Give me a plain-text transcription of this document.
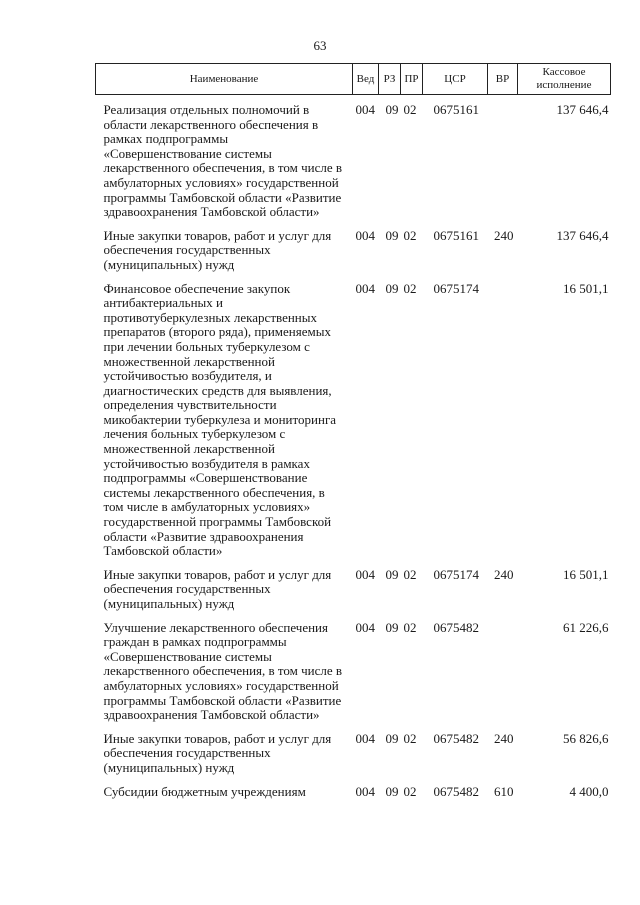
63
Наименование	Вед	РЗ	ПР	ЦСР	ВР	Кассовое исполнение
Реализация отдельных полномочий в области лекарственного обеспечения в рамках подпрограммы «Совершенствование системы лекарственного обеспечения, в том числе в амбулаторных условиях» государственной программы Тамбовской области «Развитие здравоохранения Тамбовской области»	004	09	02	0675161		137 646,4
Иные закупки товаров, работ и услуг для обеспечения государственных (муниципальных) нужд	004	09	02	0675161	240	137 646,4
Финансовое обеспечение закупок антибактериальных и противотуберкулезных лекарственных препаратов (второго ряда), применяемых при лечении больных туберкулезом с множественной лекарственной устойчивостью возбудителя, и диагностических средств для выявления, определения чувствительности микобактерии туберкулеза и мониторинга лечения больных туберкулезом с множественной лекарственной устойчивостью возбудителя в рамках подпрограммы «Совершенствование системы лекарственного обеспечения, в том числе в амбулаторных условиях» государственной программы Тамбовской области «Развитие здравоохранения Тамбовской области»	004	09	02	0675174		16 501,1
Иные закупки товаров, работ и услуг для обеспечения государственных (муниципальных) нужд	004	09	02	0675174	240	16 501,1
Улучшение лекарственного обеспечения граждан в рамках подпрограммы «Совершенствование системы лекарственного обеспечения, в том числе в амбулаторных условиях» государственной программы Тамбовской области «Развитие здравоохранения Тамбовской области»	004	09	02	0675482		61 226,6
Иные закупки товаров, работ и услуг для обеспечения государственных (муниципальных) нужд	004	09	02	0675482	240	56 826,6
Субсидии бюджетным учреждениям	004	09	02	0675482	610	4 400,0
